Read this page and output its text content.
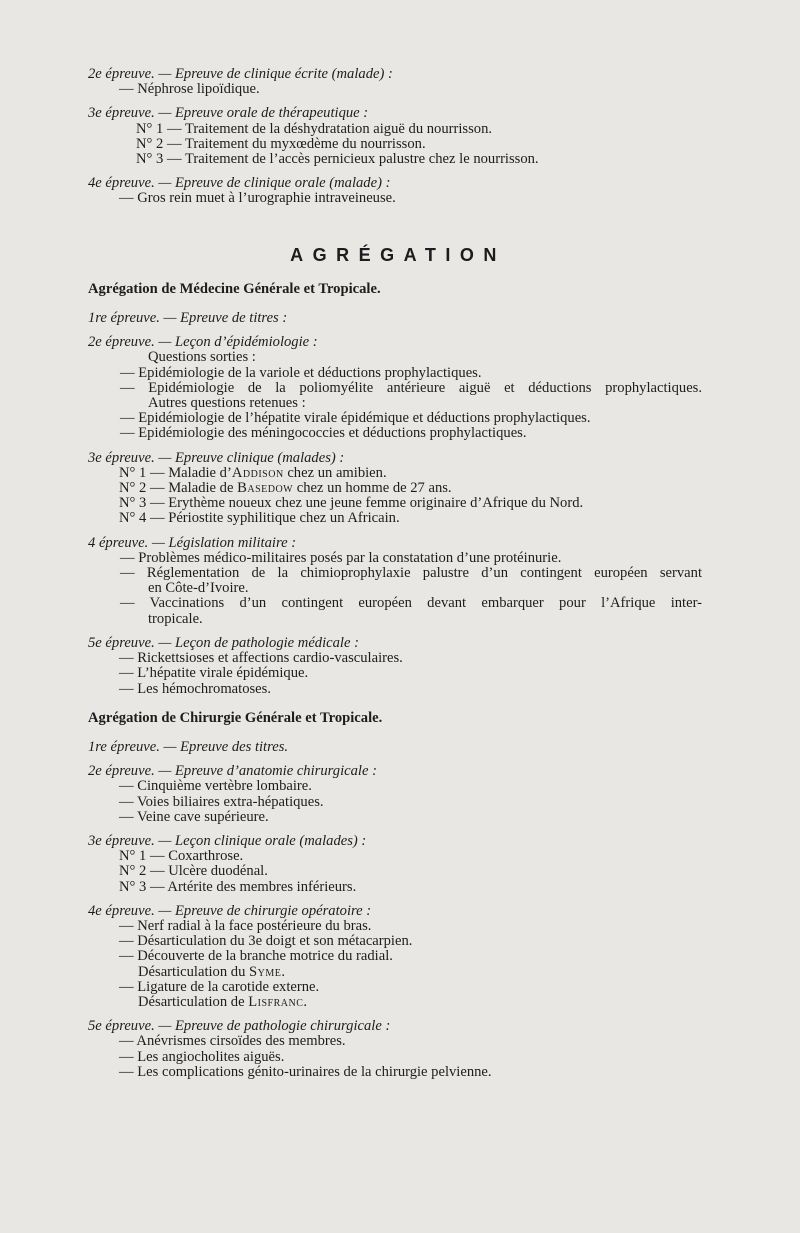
2e épreuve. — Epreuve de clinique écrite (malade) :
— Néphrose lipoïdique.
3e épreuve. — Epreuve orale de thérapeutique :
N° 1 — Traitement de la déshydratation aiguë du nourrisson.
N° 2 — Traitement du myxœdème du nourrisson.
N° 3 — Traitement de l’accès pernicieux palustre chez le nourrisson.
4e épreuve. — Epreuve de clinique orale (malade) :
— Gros rein muet à l’urographie intraveineuse.
AGRÉGATION
Agrégation de Médecine Générale et Tropicale.
1re épreuve. — Epreuve de titres :
2e épreuve. — Leçon d’épidémiologie :
Questions sorties :
— Epidémiologie de la variole et déductions prophylactiques.
— Epidémiologie de la poliomyélite antérieure aiguë et déductions prophylactiques.
Autres questions retenues :
— Epidémiologie de l’hépatite virale épidémique et déductions prophylactiques.
— Epidémiologie des méningococcies et déductions prophylactiques.
3e épreuve. — Epreuve clinique (malades) :
N° 1 — Maladie d’Addison chez un amibien.
N° 2 — Maladie de Basedow chez un homme de 27 ans.
N° 3 — Erythème noueux chez une jeune femme originaire d’Afrique du Nord.
N° 4 — Périostite syphilitique chez un Africain.
4 épreuve. — Législation militaire :
— Problèmes médico-militaires posés par la constatation d’une protéinurie.
— Réglementation de la chimioprophylaxie palustre d’un contingent européen servant
en Côte-d’Ivoire.
— Vaccinations d’un contingent européen devant embarquer pour l’Afrique inter-
tropicale.
5e épreuve. — Leçon de pathologie médicale :
— Rickettsioses et affections cardio-vasculaires.
— L’hépatite virale épidémique.
— Les hémochromatoses.
Agrégation de Chirurgie Générale et Tropicale.
1re épreuve. — Epreuve des titres.
2e épreuve. — Epreuve d’anatomie chirurgicale :
— Cinquième vertèbre lombaire.
— Voies biliaires extra-hépatiques.
— Veine cave supérieure.
3e épreuve. — Leçon clinique orale (malades) :
N° 1 — Coxarthrose.
N° 2 — Ulcère duodénal.
N° 3 — Artérite des membres inférieurs.
4e épreuve. — Epreuve de chirurgie opératoire :
— Nerf radial à la face postérieure du bras.
— Désarticulation du 3e doigt et son métacarpien.
— Découverte de la branche motrice du radial.
Désarticulation du Syme.
— Ligature de la carotide externe.
Désarticulation de Lisfranc.
5e épreuve. — Epreuve de pathologie chirurgicale :
— Anévrismes cirsoïdes des membres.
— Les angiocholites aiguës.
— Les complications génito-urinaires de la chirurgie pelvienne.
